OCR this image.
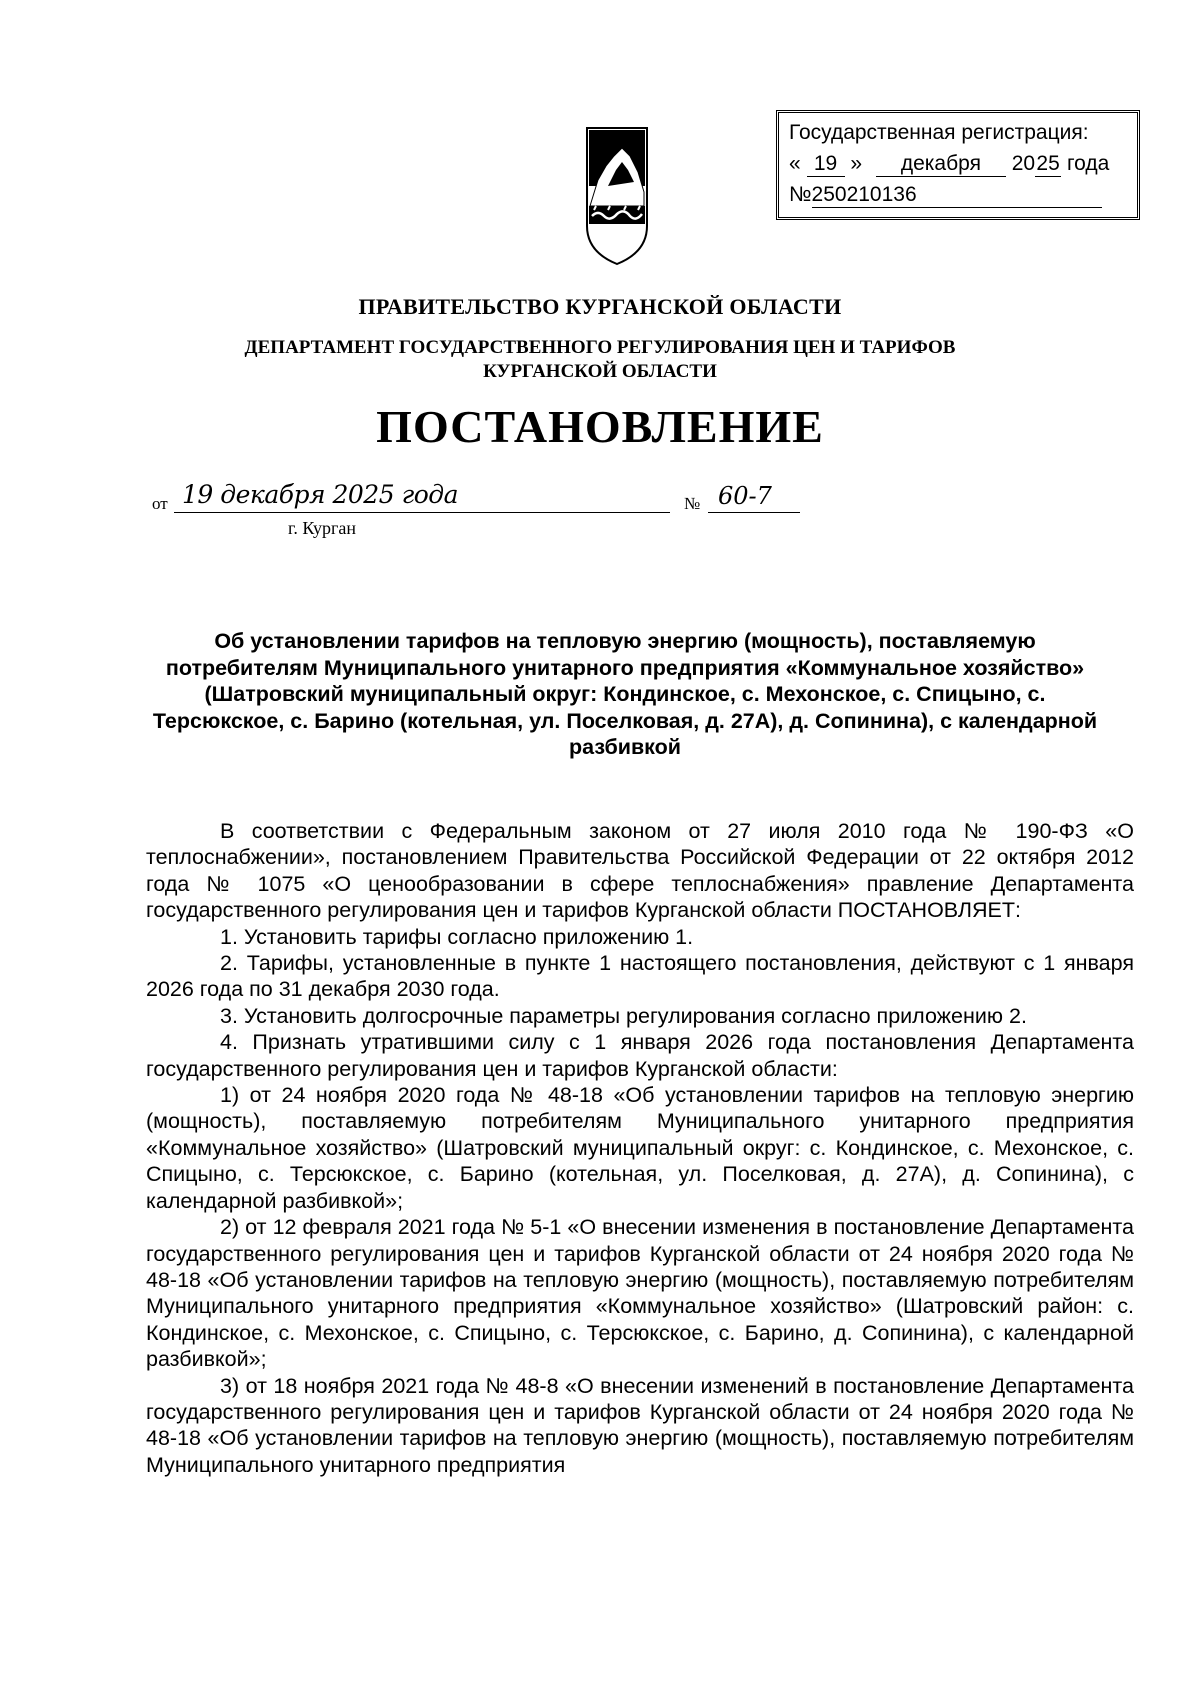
Государственная регистрация:
« 19 » декабря 2025 года
№250210136
ПРАВИТЕЛЬСТВО КУРГАНСКОЙ ОБЛАСТИ
ДЕПАРТАМЕНТ ГОСУДАРСТВЕННОГО РЕГУЛИРОВАНИЯ ЦЕН И ТАРИФОВ
КУРГАНСКОЙ ОБЛАСТИ
ПОСТАНОВЛЕНИЕ
от 19 декабря 2025 года	№ 60-7
г. Курган
Об установлении тарифов на тепловую энергию (мощность), поставляемую потребителям Муниципального унитарного предприятия «Коммунальное хозяйство» (Шатровский муниципальный округ: Кондинское, с. Мехонское, с. Спицыно, с. Терсюкское, с. Барино (котельная, ул. Поселковая, д. 27А), д. Сопинина), с календарной разбивкой

В соответствии с Федеральным законом от 27 июля 2010 года № 190-ФЗ «О теплоснабжении», постановлением Правительства Российской Федерации от 22 октября 2012 года № 1075 «О ценообразовании в сфере теплоснабжения» правление Департамента государственного регулирования цен и тарифов Курганской области ПОСТАНОВЛЯЕТ:

1. Установить тарифы согласно приложению 1.

2. Тарифы, установленные в пункте 1 настоящего постановления, действуют с 1 января 2026 года по 31 декабря 2030 года.

3. Установить долгосрочные параметры регулирования согласно приложению 2.

4. Признать утратившими силу с 1 января 2026 года постановления Департамента государственного регулирования цен и тарифов Курганской области:

1) от 24 ноября 2020 года № 48-18 «Об установлении тарифов на тепловую энергию (мощность), поставляемую потребителям Муниципального унитарного предприятия «Коммунальное хозяйство» (Шатровский муниципальный округ: с. Кондинское, с. Мехонское, с. Спицыно, с. Терсюкское, с. Барино (котельная, ул. Поселковая, д. 27А), д. Сопинина), с календарной разбивкой»;

2) от 12 февраля 2021 года № 5-1 «О внесении изменения в постановление Департамента государственного регулирования цен и тарифов Курганской области от 24 ноября 2020 года № 48-18 «Об установлении тарифов на тепловую энергию (мощность), поставляемую потребителям Муниципального унитарного предприятия «Коммунальное хозяйство» (Шатровский район: с. Кондинское, с. Мехонское, с. Спицыно, с. Терсюкское, с. Барино, д. Сопинина), с календарной разбивкой»;

3) от 18 ноября 2021 года № 48-8 «О внесении изменений в постановление Департамента государственного регулирования цен и тарифов Курганской области от 24 ноября 2020 года № 48-18 «Об установлении тарифов на тепловую энергию (мощность), поставляемую потребителям Муниципального унитарного предприятия
